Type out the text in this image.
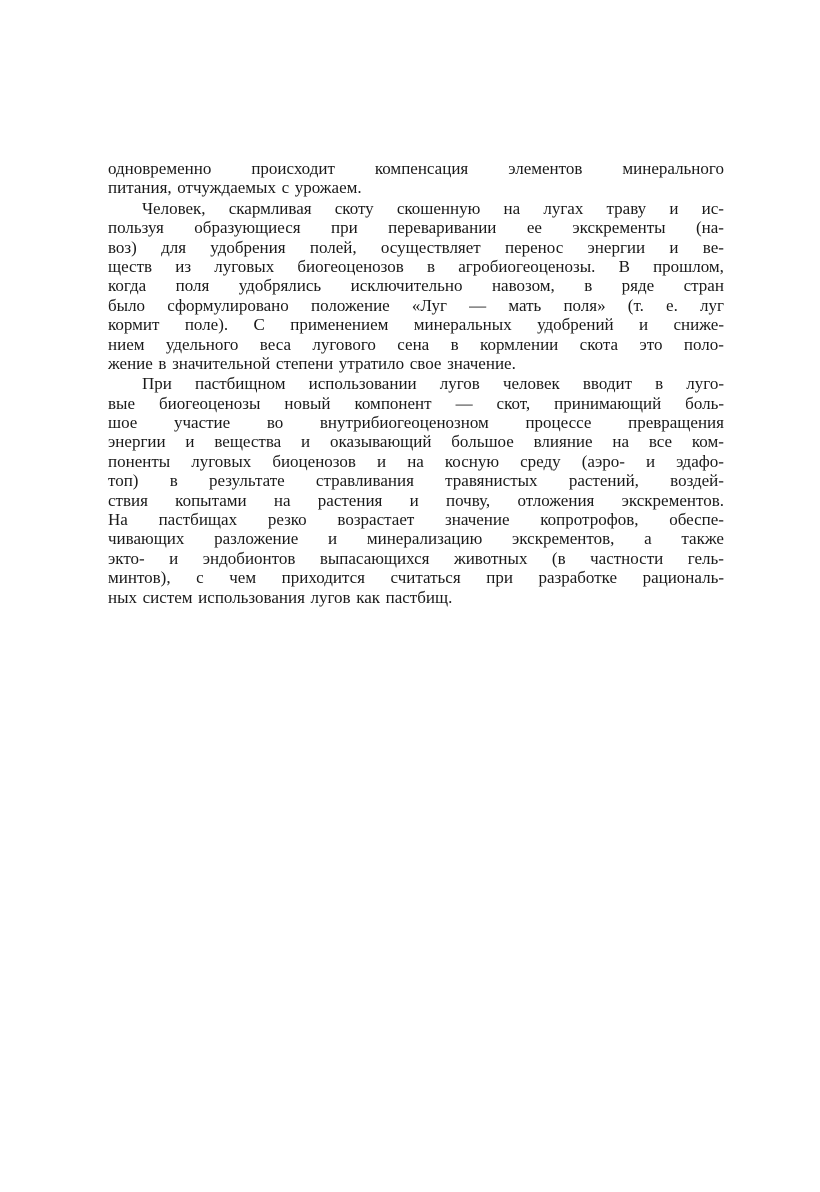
одновременно происходит компенсация элементов минерального
питания, отчуждаемых с урожаем.
Человек, скармливая скоту скошенную на лугах траву и ис-
пользуя образующиеся при переваривании ее экскременты (на-
воз) для удобрения полей, осуществляет перенос энергии и ве-
ществ из луговых биогеоценозов в агробиогеоценозы. В прошлом,
когда поля удобрялись исключительно навозом, в ряде стран
было сформулировано положение «Луг — мать поля» (т. е. луг
кормит поле). С применением минеральных удобрений и сниже-
нием удельного веса лугового сена в кормлении скота это поло-
жение в значительной степени утратило свое значение.
При пастбищном использовании лугов человек вводит в луго-
вые биогеоценозы новый компонент — скот, принимающий боль-
шое участие во внутрибиогеоценозном процессе превращения
энергии и вещества и оказывающий большое влияние на все ком-
поненты луговых биоценозов и на косную среду (аэро- и эдафо-
топ) в результате стравливания травянистых растений, воздей-
ствия копытами на растения и почву, отложения экскрементов.
На пастбищах резко возрастает значение копротрофов, обеспе-
чивающих разложение и минерализацию экскрементов, а также
экто- и эндобионтов выпасающихся животных (в частности гель-
минтов), с чем приходится считаться при разработке рациональ-
ных систем использования лугов как пастбищ.
